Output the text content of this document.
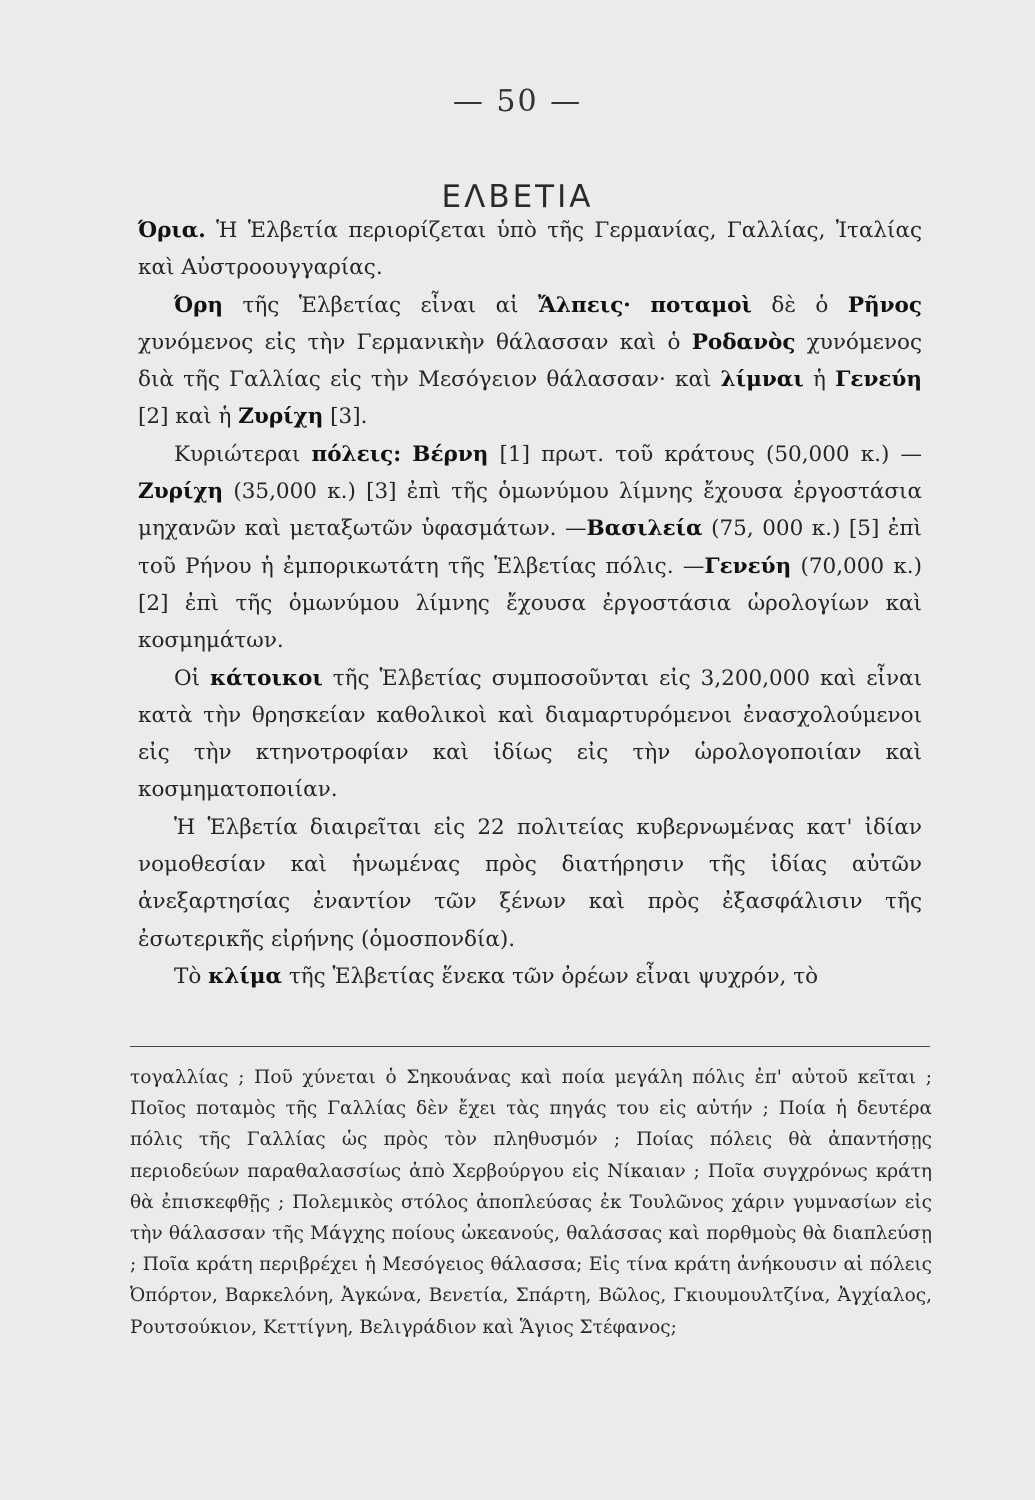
— 50 —
ΕΛΒΕΤΙΑ

Όρια. Ἡ Ἑλβετία περιορίζεται ὑπὸ τῆς Γερμανίας, Γαλλίας, Ἰταλίας καὶ Αὐστροουγγαρίας.

Όρη τῆς Ἑλβετίας εἶναι αἱ Ἄλπεις· ποταμοὶ δὲ ὁ Ρῆνος χυνόμενος εἰς τὴν Γερμανικὴν θάλασσαν καὶ ὁ Ροδανὸς χυνόμενος διὰ τῆς Γαλλίας εἰς τὴν Μεσόγειον θάλασσαν· καὶ λίμναι ἡ Γενεύη [2] καὶ ἡ Ζυρίχη [3].

Κυριώτεραι πόλεις: Βέρνη [1] πρωτ. τοῦ κράτους (50,000 κ.) —Ζυρίχη (35,000 κ.) [3] ἐπὶ τῆς ὁμωνύμου λίμνης ἔχουσα ἐργοστάσια μηχανῶν καὶ μεταξωτῶν ὑφασμάτων. —Βασιλεία (75, 000 κ.) [5] ἐπὶ τοῦ Ρήνου ἡ ἐμπορικωτάτη τῆς Ἑλβετίας πόλις. —Γενεύη (70,000 κ.) [2] ἐπὶ τῆς ὁμωνύμου λίμνης ἔχουσα ἐργοστάσια ὡρολογίων καὶ κοσμημάτων.

Οἱ κάτοικοι τῆς Ἑλβετίας συμποσοῦνται εἰς 3,200,000 καὶ εἶναι κατὰ τὴν θρησκείαν καθολικοὶ καὶ διαμαρτυρόμενοι ἐνασχολούμενοι εἰς τὴν κτηνοτροφίαν καὶ ἰδίως εἰς τὴν ὡρολογοποιίαν καὶ κοσμηματοποιίαν.

Ἡ Ἑλβετία διαιρεῖται εἰς 22 πολιτείας κυβερνωμένας κατ' ἰδίαν νομοθεσίαν καὶ ἡνωμένας πρὸς διατήρησιν τῆς ἰδίας αὐτῶν ἀνεξαρτησίας ἐναντίον τῶν ξένων καὶ πρὸς ἐξασφάλισιν τῆς ἐσωτερικῆς εἰρήνης (ὁμοσπονδία).

Τὸ κλίμα τῆς Ἑλβετίας ἕνεκα τῶν ὀρέων εἶναι ψυχρόν, τὸ

τογαλλίας ; Ποῦ χύνεται ὁ Σηκουάνας καὶ ποία μεγάλη πόλις ἐπ' αὐτοῦ κεῖται ; Ποῖος ποταμὸς τῆς Γαλλίας δὲν ἔχει τὰς πηγάς του εἰς αὐτήν ; Ποία ἡ δευτέρα πόλις τῆς Γαλλίας ὡς πρὸς τὸν πληθυσμόν ; Ποίας πόλεις θὰ ἀπαντήσῃς περιοδεύων παραθαλασσίως ἀπὸ Χερβούργου εἰς Νίκαιαν ; Ποῖα συγχρόνως κράτη θὰ ἐπισκεφθῇς ; Πολεμικὸς στόλος ἀποπλεύσας ἐκ Τουλῶνος χάριν γυμνασίων εἰς τὴν θάλασσαν τῆς Μάγχης ποίους ὠκεανούς, θαλάσσας καὶ πορθμοὺς θὰ διαπλεύσῃ ; Ποῖα κράτη περιβρέχει ἡ Μεσόγειος θάλασσα; Εἰς τίνα κράτη ἀνήκουσιν αἱ πόλεις Ὀπόρτον, Βαρκελόνη, Ἀγκώνα, Βενετία, Σπάρτη, Βῶλος, Γκιουμουλτζίνα, Ἀγχίαλος, Ρουτσούκιον, Κεττίγνη, Βελιγράδιον καὶ Ἅγιος Στέφανος;
